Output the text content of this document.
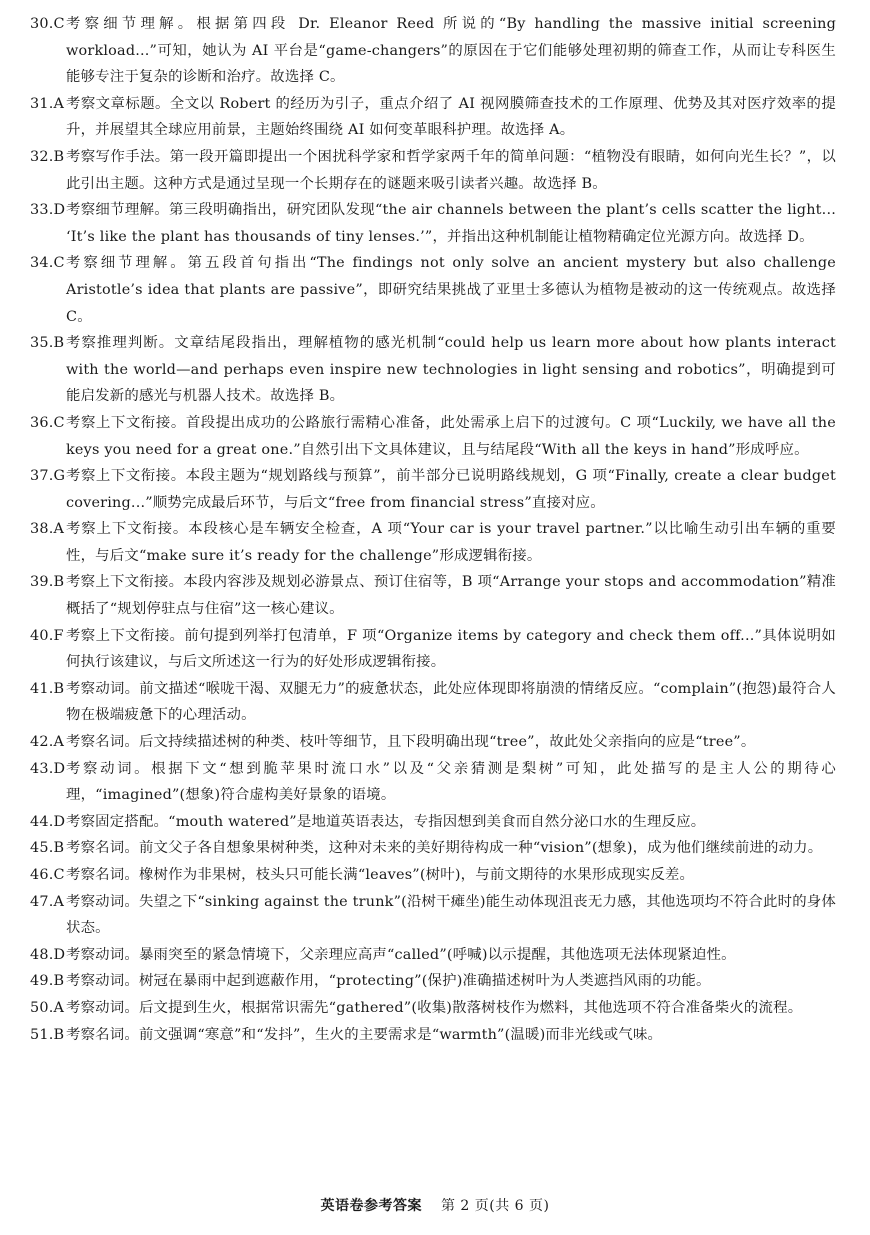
30.C 考察细节理解。根据第四段 Dr. Eleanor Reed 所说的“By handling the massive initial screening workload...”可知，她认为 AI 平台是“game-changers”的原因在于它们能够处理初期的筛查工作，从而让专科医生能够专注于复杂的诊断和治疗。故选择 C。
31.A 考察文章标题。全文以 Robert 的经历为引子，重点介绍了 AI 视网膜筛查技术的工作原理、优势及其对医疗效率的提升，并展望其全球应用前景，主题始终围绕 AI 如何变革眼科护理。故选择 A。
32.B 考察写作手法。第一段开篇即提出一个困扰科学家和哲学家两千年的简单问题：“植物没有眼睛，如何向光生长？”，以此引出主题。这种方式是通过呈现一个长期存在的谜题来吸引读者兴趣。故选择 B。
33.D 考察细节理解。第三段明确指出，研究团队发现“the air channels between the plant’s cells scatter the light... ‘It’s like the plant has thousands of tiny lenses.’”，并指出这种机制能让植物精确定位光源方向。故选择 D。
34.C 考察细节理解。第五段首句指出“The findings not only solve an ancient mystery but also challenge Aristotle’s idea that plants are passive”，即研究结果挑战了亚里士多德认为植物是被动的这一传统观点。故选择 C。
35.B 考察推理判断。文章结尾段指出，理解植物的感光机制“could help us learn more about how plants interact with the world—and perhaps even inspire new technologies in light sensing and robotics”，明确提到可能启发新的感光与机器人技术。故选择 B。
36.C 考察上下文衔接。首段提出成功的公路旅行需精心准备，此处需承上启下的过渡句。C 项“Luckily, we have all the keys you need for a great one.”自然引出下文具体建议，且与结尾段“With all the keys in hand”形成呼应。
37.G 考察上下文衔接。本段主题为“规划路线与预算”，前半部分已说明路线规划，G 项“Finally, create a clear budget covering...”顺势完成最后环节，与后文“free from financial stress”直接对应。
38.A 考察上下文衔接。本段核心是车辆安全检查，A 项“Your car is your travel partner.”以比喻生动引出车辆的重要性，与后文“make sure it’s ready for the challenge”形成逻辑衔接。
39.B 考察上下文衔接。本段内容涉及规划必游景点、预订住宿等，B 项“Arrange your stops and accommodation”精准概括了“规划停驻点与住宿”这一核心建议。
40.F 考察上下文衔接。前句提到列举打包清单，F 项“Organize items by category and check them off...”具体说明如何执行该建议，与后文所述这一行为的好处形成逻辑衔接。
41.B 考察动词。前文描述“喉咙干渴、双腿无力”的疲惫状态，此处应体现即将崩溃的情绪反应。“complain”(抱怨)最符合人物在极端疲惫下的心理活动。
42.A 考察名词。后文持续描述树的种类、枝叶等细节，且下段明确出现“tree”，故此处父亲指向的应是“tree”。
43.D 考察动词。根据下文“想到脆苹果时流口水”以及“父亲猜测是梨树”可知，此处描写的是主人公的期待心理，“imagined”(想象)符合虚构美好景象的语境。
44.D 考察固定搭配。“mouth watered”是地道英语表达，专指因想到美食而自然分泌口水的生理反应。
45.B 考察名词。前文父子各自想象果树种类，这种对未来的美好期待构成一种“vision”(想象)，成为他们继续前进的动力。
46.C 考察名词。橡树作为非果树，枝头只可能长满“leaves”(树叶)，与前文期待的水果形成现实反差。
47.A 考察动词。失望之下“sinking against the trunk”(沿树干瘫坐)能生动体现沮丧无力感，其他选项均不符合此时的身体状态。
48.D 考察动词。暴雨突至的紧急情境下，父亲理应高声“called”(呼喊)以示提醒，其他选项无法体现紧迫性。
49.B 考察动词。树冠在暴雨中起到遮蔽作用，“protecting”(保护)准确描述树叶为人类遮挡风雨的功能。
50.A 考察动词。后文提到生火，根据常识需先“gathered”(收集)散落树枝作为燃料，其他选项不符合准备柴火的流程。
51.B 考察名词。前文强调“寒意”和“发抖”，生火的主要需求是“warmth”(温暖)而非光线或气味。
英语卷参考答案 第 2 页(共 6 页)
